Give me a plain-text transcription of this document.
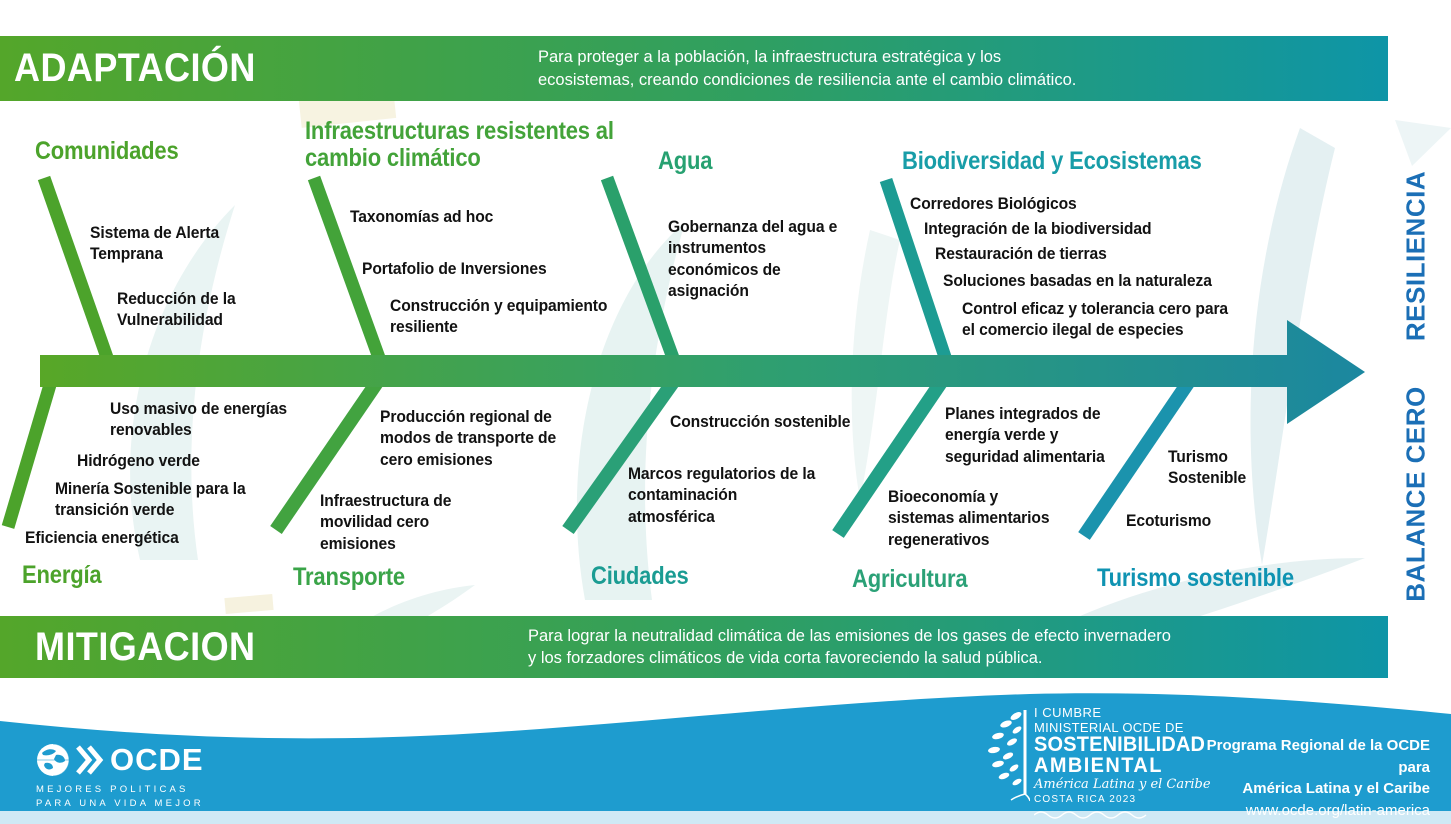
ADAPTACIÓN	Para proteger a la población, la infraestructura estratégica y los
ecosistemas, creando condiciones de resiliencia ante el cambio climático.
MITIGACION	Para lograr la neutralidad climática de las emisiones de los gases de efecto invernadero
y los forzadores climáticos de vida corta favoreciendo la salud pública.
Comunidades
Infraestructuras resistentes al cambio climático	Agua	Biodiversidad y Ecosistemas
Sistema de Alerta Temprana
Reducción de la Vulnerabilidad
Taxonomías ad hoc
Portafolio de Inversiones
Construcción y equipamiento resiliente
Gobernanza del agua e instrumentos económicos de asignación
Corredores Biológicos
Integración de la biodiversidad
Restauración de tierras
Soluciones basadas en la naturaleza
Control eficaz y tolerancia cero para el comercio ilegal de especies
Uso masivo de energías renovables
Hidrógeno verde
Minería Sostenible para la transición verde
Eficiencia energética
Producción regional de modos de transporte de cero emisiones
Infraestructura de movilidad cero emisiones
Construcción sostenible
Marcos regulatorios de la contaminación atmosférica
Planes integrados de energía verde y seguridad alimentaria
Bioeconomía y sistemas alimentarios regenerativos
Turismo Sostenible
Ecoturismo
Energía	Transporte	Ciudades	Agricultura	Turismo sostenible
RESILIENCIA
BALANCE CERO
OCDE
MEJORES POLITICAS
PARA UNA VIDA MEJOR
I CUMBRE
MINISTERIAL OCDE DE
SOSTENIBILIDAD
AMBIENTAL
América Latina y el Caribe
COSTA RICA 2023
Programa Regional de la OCDE para
América Latina y el Caribe
www.ocde.org/latin-america
